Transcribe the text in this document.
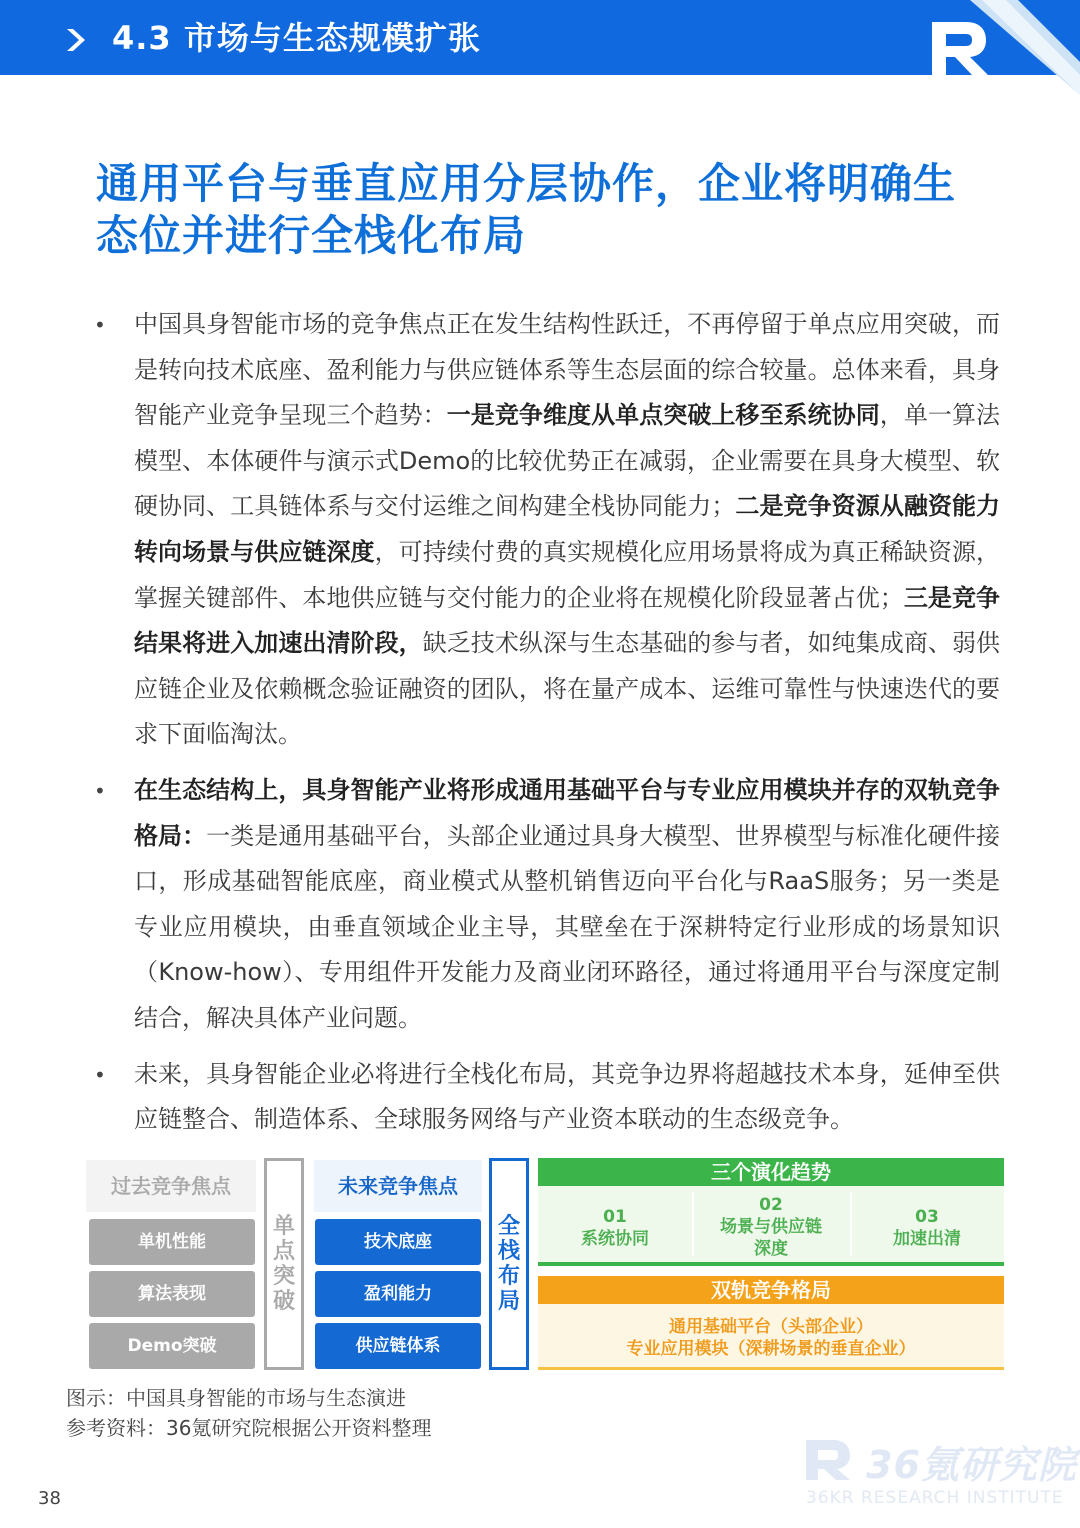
4.3 市场与生态规模扩张
通用平台与垂直应用分层协作，企业将明确生态位并进行全栈化布局
• 中国具身智能市场的竞争焦点正在发生结构性跃迁，不再停留于单点应用突破，而是转向技术底座、盈利能力与供应链体系等生态层面的综合较量。总体来看，具身智能产业竞争呈现三个趋势：一是竞争维度从单点突破上移至系统协同，单一算法模型、本体硬件与演示式Demo的比较优势正在减弱，企业需要在具身大模型、软硬协同、工具链体系与交付运维之间构建全栈协同能力；二是竞争资源从融资能力转向场景与供应链深度，可持续付费的真实规模化应用场景将成为真正稀缺资源，掌握关键部件、本地供应链与交付能力的企业将在规模化阶段显著占优；三是竞争结果将进入加速出清阶段，缺乏技术纵深与生态基础的参与者，如纯集成商、弱供应链企业及依赖概念验证融资的团队，将在量产成本、运维可靠性与快速迭代的要求下面临淘汰。

• 在生态结构上，具身智能产业将形成通用基础平台与专业应用模块并存的双轨竞争格局：一类是通用基础平台，头部企业通过具身大模型、世界模型与标准化硬件接口，形成基础智能底座，商业模式从整机销售迈向平台化与RaaS服务；另一类是专业应用模块，由垂直领域企业主导，其壁垒在于深耕特定行业形成的场景知识（Know-how）、专用组件开发能力及商业闭环路径，通过将通用平台与深度定制结合，解决具体产业问题。

• 未来，具身智能企业必将进行全栈化布局，其竞争边界将超越技术本身，延伸至供应链整合、制造体系、全球服务网络与产业资本联动的生态级竞争。

过去竞争焦点
单机性能
算法表现
Demo突破
单点突破
未来竞争焦点
技术底座
盈利能力
供应链体系
全栈布局
三个演化趋势
01
系统协同
02
场景与供应链深度
03
加速出清
双轨竞争格局
通用基础平台（头部企业）
专业应用模块（深耕场景的垂直企业）
图示：中国具身智能的市场与生态演进
参考资料：36氪研究院根据公开资料整理
38
36氪研究院
36KR RESEARCH INSTITUTE
